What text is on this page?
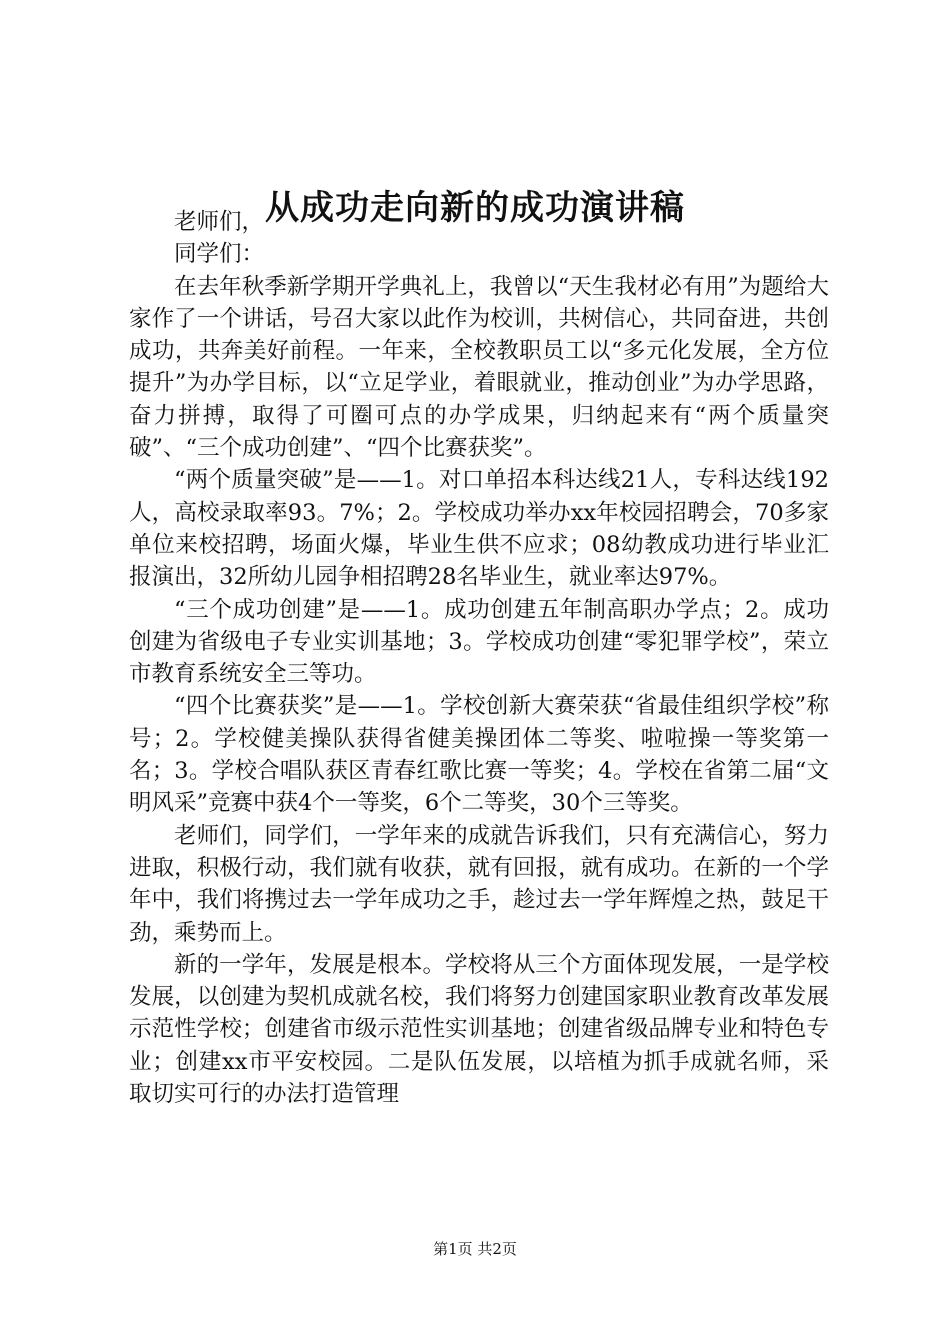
从成功走向新的成功演讲稿

老师们，

同学们：

在去年秋季新学期开学典礼上，我曾以“天生我材必有用”为题给大家作了一个讲话，号召大家以此作为校训，共树信心，共同奋进，共创成功，共奔美好前程。一年来，全校教职员工以“多元化发展，全方位提升”为办学目标，以“立足学业，着眼就业，推动创业”为办学思路，奋力拼搏，取得了可圈可点的办学成果，归纳起来有“两个质量突破”、“三个成功创建”、“四个比赛获奖”。

“两个质量突破”是——1。对口单招本科达线21人，专科达线192人，高校录取率93。7%；2。学校成功举办xx年校园招聘会，70多家单位来校招聘，场面火爆，毕业生供不应求；08幼教成功进行毕业汇报演出，32所幼儿园争相招聘28名毕业生，就业率达97%。

“三个成功创建”是——1。成功创建五年制高职办学点；2。成功创建为省级电子专业实训基地；3。学校成功创建“零犯罪学校”，荣立市教育系统安全三等功。

“四个比赛获奖”是——1。学校创新大赛荣获“省最佳组织学校”称号；2。学校健美操队获得省健美操团体二等奖、啦啦操一等奖第一名；3。学校合唱队获区青春红歌比赛一等奖；4。学校在省第二届“文明风采”竞赛中获4个一等奖，6个二等奖，30个三等奖。

老师们，同学们，一学年来的成就告诉我们，只有充满信心，努力进取，积极行动，我们就有收获，就有回报，就有成功。在新的一个学年中，我们将携过去一学年成功之手，趁过去一学年辉煌之热，鼓足干劲，乘势而上。

新的一学年，发展是根本。学校将从三个方面体现发展，一是学校发展，以创建为契机成就名校，我们将努力创建国家职业教育改革发展示范性学校；创建省市级示范性实训基地；创建省级品牌专业和特色专业；创建xx市平安校园。二是队伍发展，以培植为抓手成就名师，采取切实可行的办法打造管理

第1页 共2页
